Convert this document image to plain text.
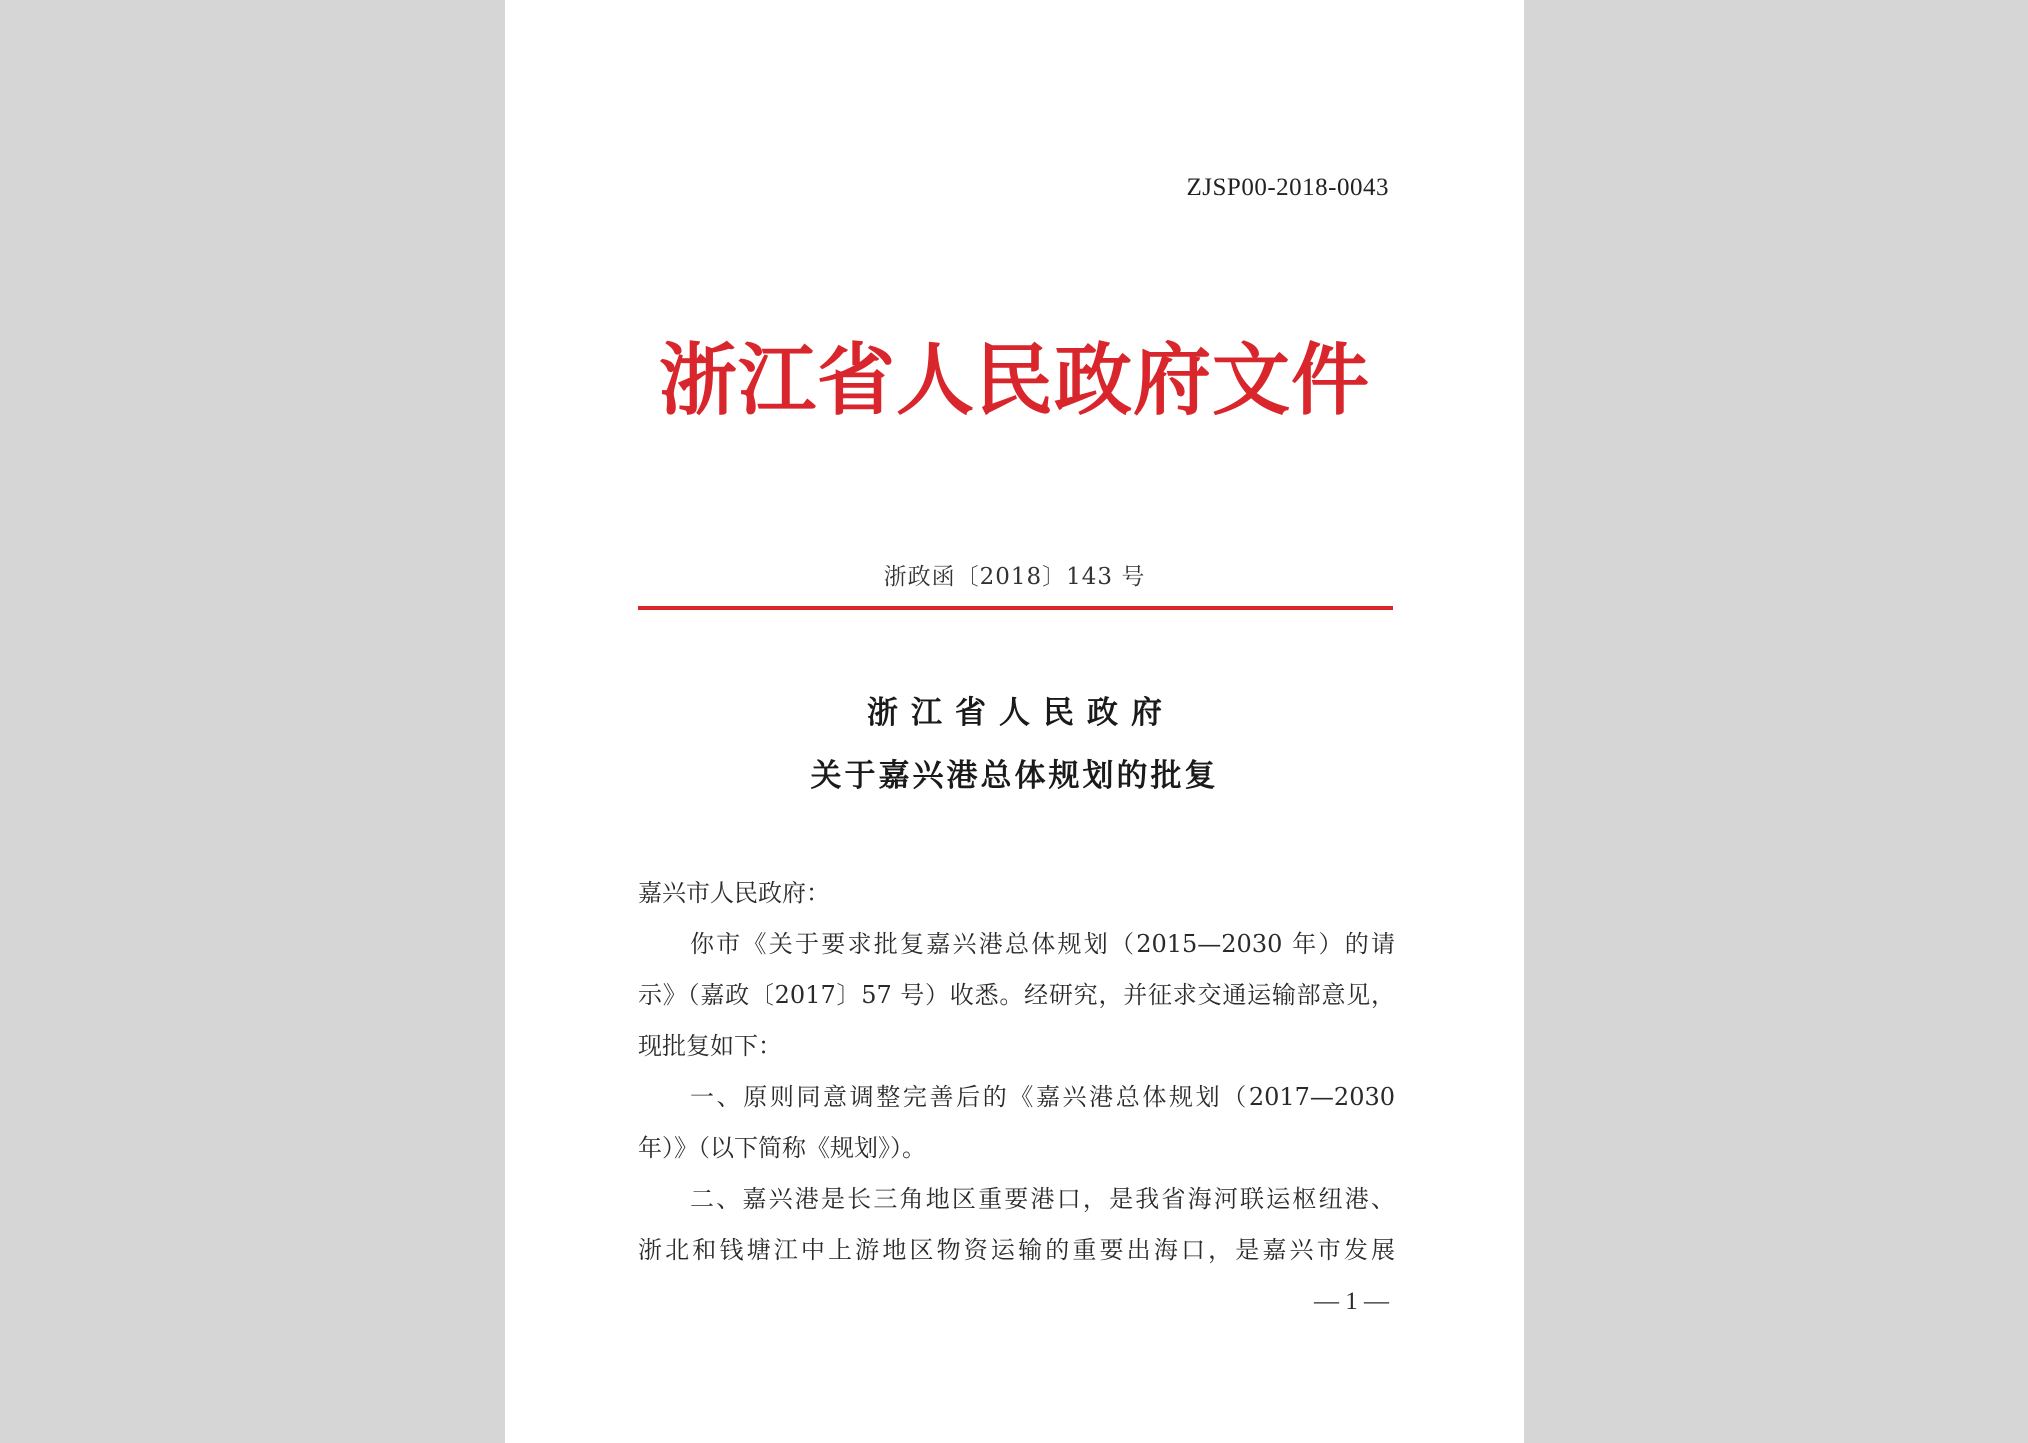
ZJSP00-2018-0043
浙江省人民政府文件
浙政函〔2018〕143 号
浙江省人民政府
关于嘉兴港总体规划的批复
嘉兴市人民政府：
你市《关于要求批复嘉兴港总体规划（2015—2030 年）的请
示》（嘉政〔2017〕57 号）收悉。经研究，并征求交通运输部意见，
现批复如下：
一、原则同意调整完善后的《嘉兴港总体规划（2017—2030
年）》（以下简称《规划》）。
二、嘉兴港是长三角地区重要港口，是我省海河联运枢纽港、
浙北和钱塘江中上游地区物资运输的重要出海口，是嘉兴市发展
— 1 —
